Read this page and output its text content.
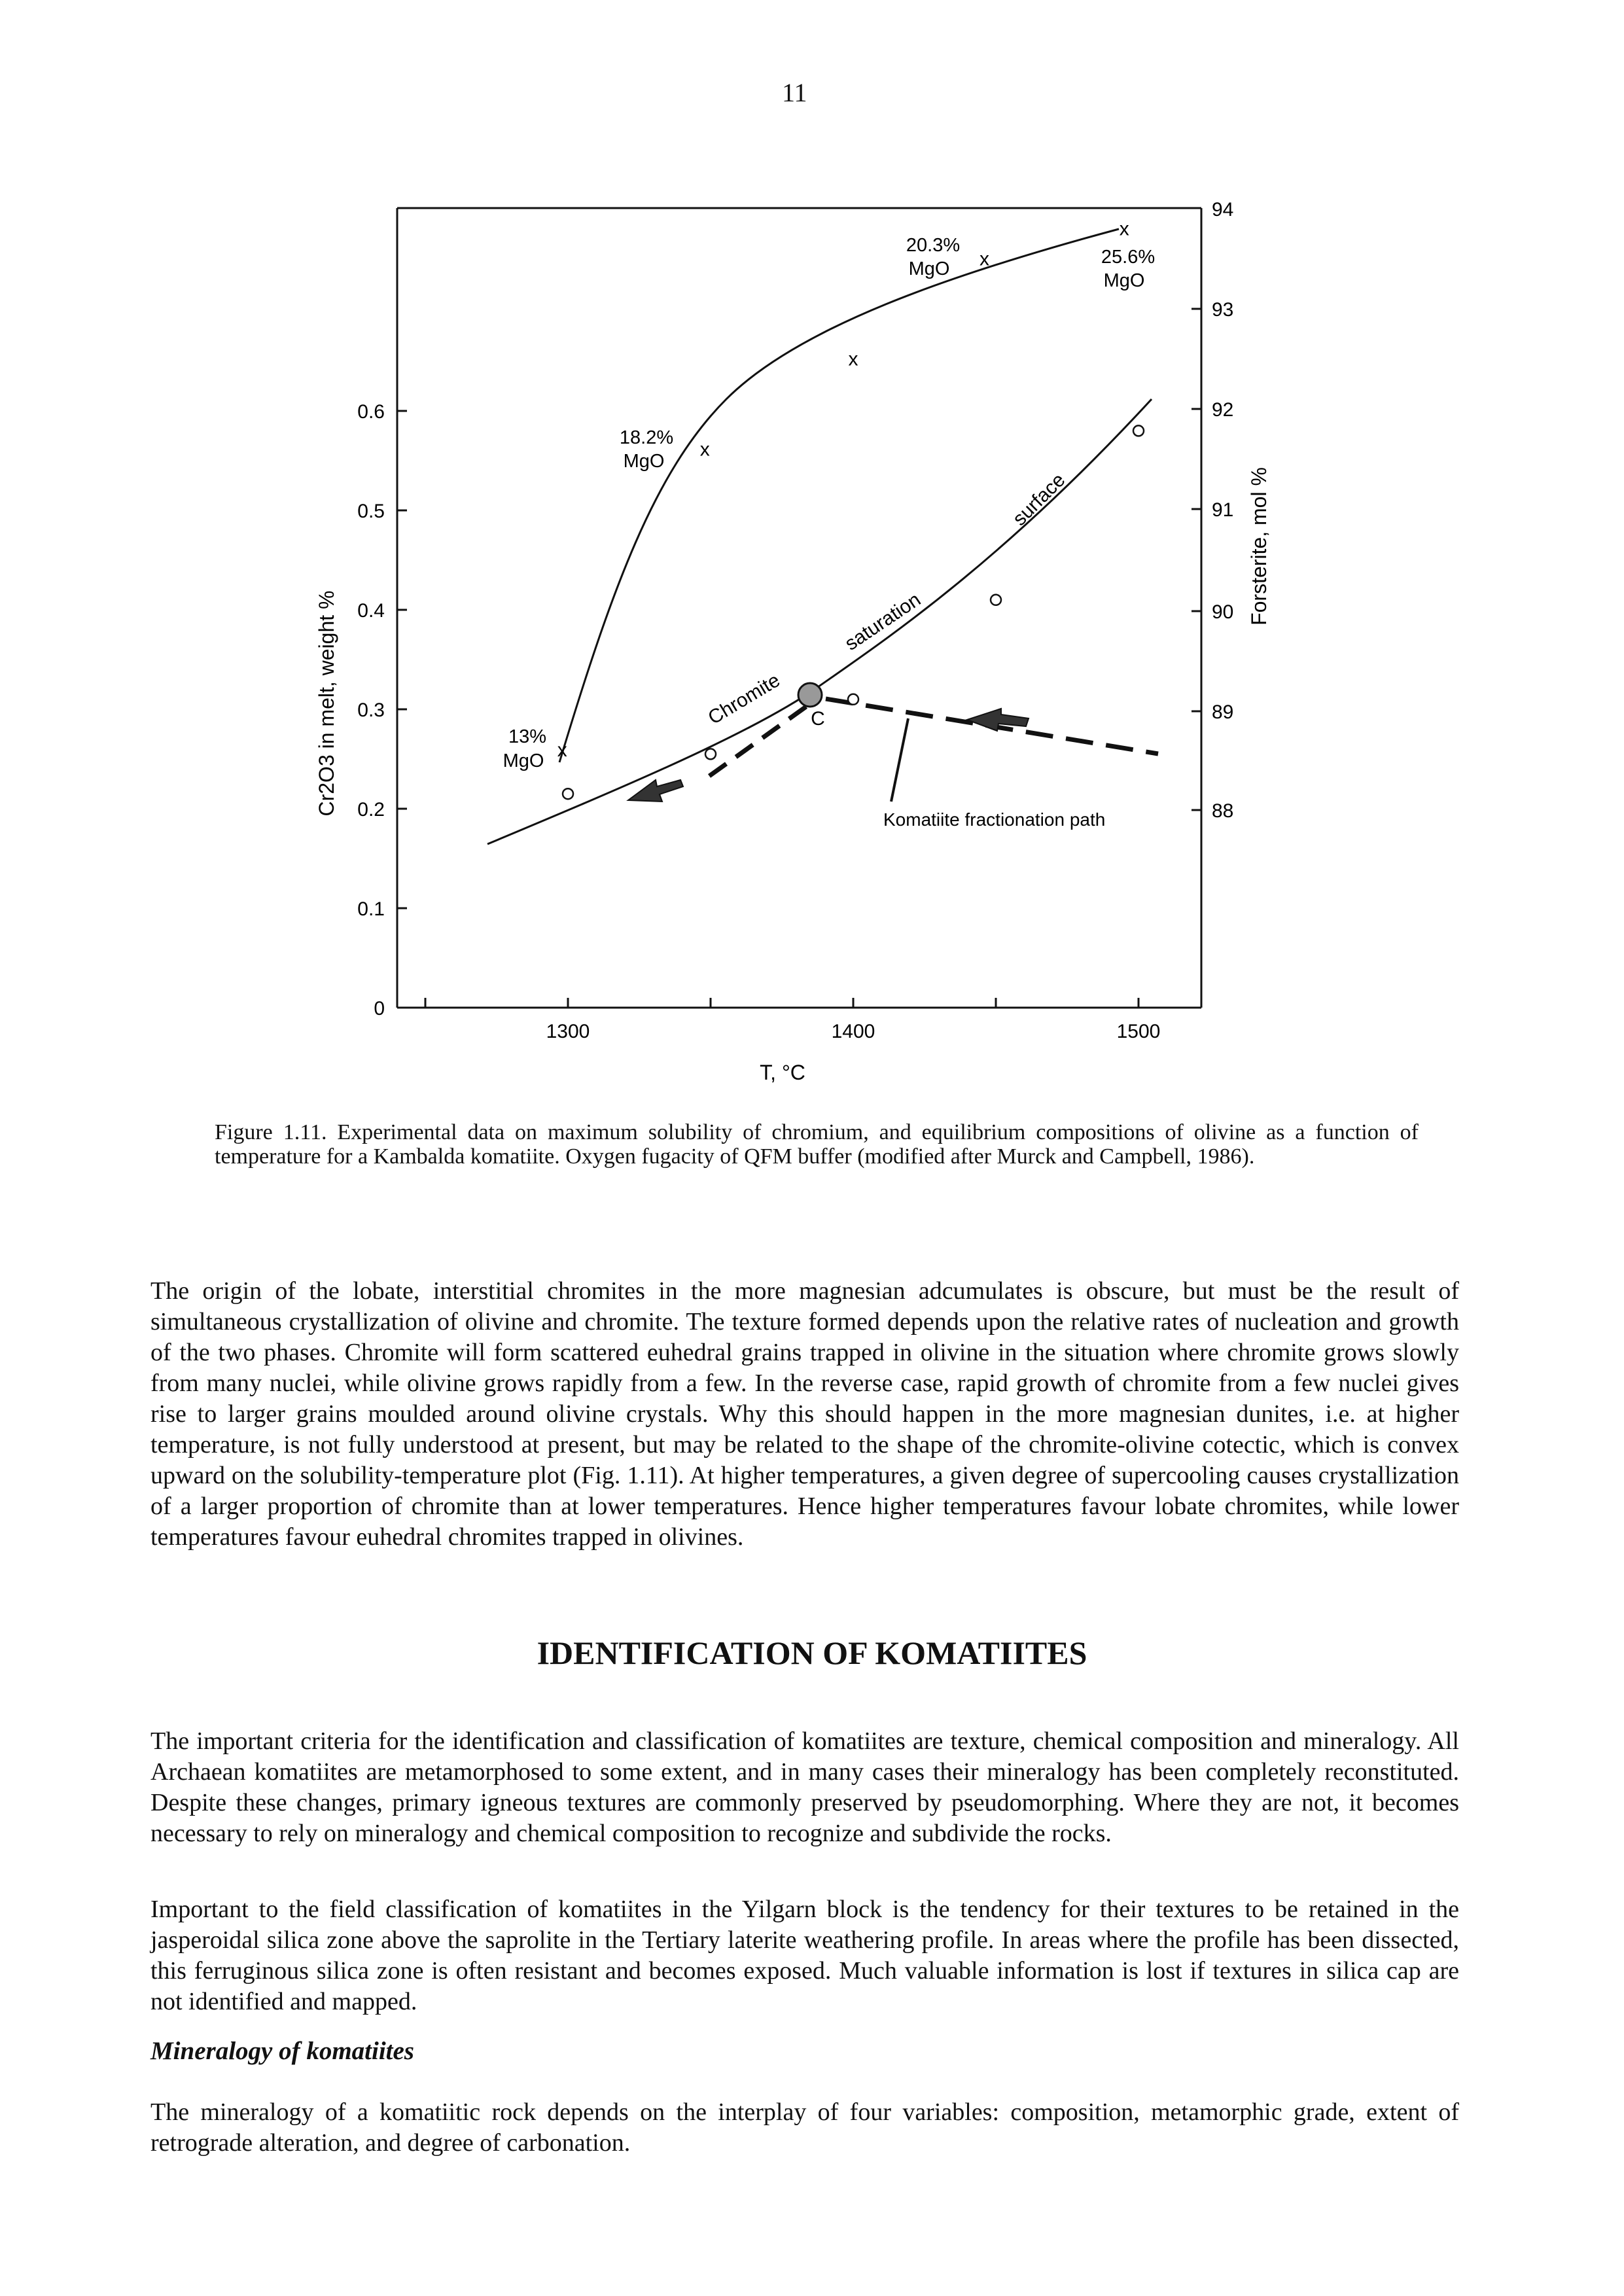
11
0
0.1
0.2
0.3
0.4
0.5
0.6
88
89
90
91
92
93
94
1300	1400	1500
T, °C
Cr2O3 in melt, weight %
Forsterite, mol %
x
x
x
x
x
13%
MgO
18.2%
MgO
20.3%
MgO
25.6%
MgO
Chromite
saturation
surface
C
Komatiite fractionation path
Figure 1.11. Experimental data on maximum solubility of chromium, and equilibrium compositions of olivine as a function of temperature for a Kambalda komatiite. Oxygen fugacity of QFM buffer (modified after Murck and Campbell, 1986).

The origin of the lobate, interstitial chromites in the more magnesian adcumulates is obscure, but must be the result of simultaneous crystallization of olivine and chromite. The texture formed depends upon the relative rates of nucleation and growth of the two phases. Chromite will form scattered euhedral grains trapped in olivine in the situation where chromite grows slowly from many nuclei, while olivine grows rapidly from a few. In the reverse case, rapid growth of chromite from a few nuclei gives rise to larger grains moulded around olivine crystals. Why this should happen in the more magnesian dunites, i.e. at higher temperature, is not fully understood at present, but may be related to the shape of the chromite-olivine cotectic, which is convex upward on the solubility-temperature plot (Fig. 1.11). At higher temperatures, a given degree of supercooling causes crystallization of a larger proportion of chromite than at lower temperatures. Hence higher temperatures favour lobate chromites, while lower temperatures favour euhedral chromites trapped in olivines.

IDENTIFICATION OF KOMATIITES

The important criteria for the identification and classification of komatiites are texture, chemical composition and mineralogy. All Archaean komatiites are metamorphosed to some extent, and in many cases their mineralogy has been completely reconstituted. Despite these changes, primary igneous textures are commonly preserved by pseudomorphing. Where they are not, it becomes necessary to rely on mineralogy and chemical composition to recognize and subdivide the rocks.

Important to the field classification of komatiites in the Yilgarn block is the tendency for their textures to be retained in the jasperoidal silica zone above the saprolite in the Tertiary laterite weathering profile. In areas where the profile has been dissected, this ferruginous silica zone is often resistant and becomes exposed. Much valuable information is lost if textures in silica cap are not identified and mapped.

Mineralogy of komatiites

The mineralogy of a komatiitic rock depends on the interplay of four variables: composition, metamorphic grade, extent of retrograde alteration, and degree of carbonation.
